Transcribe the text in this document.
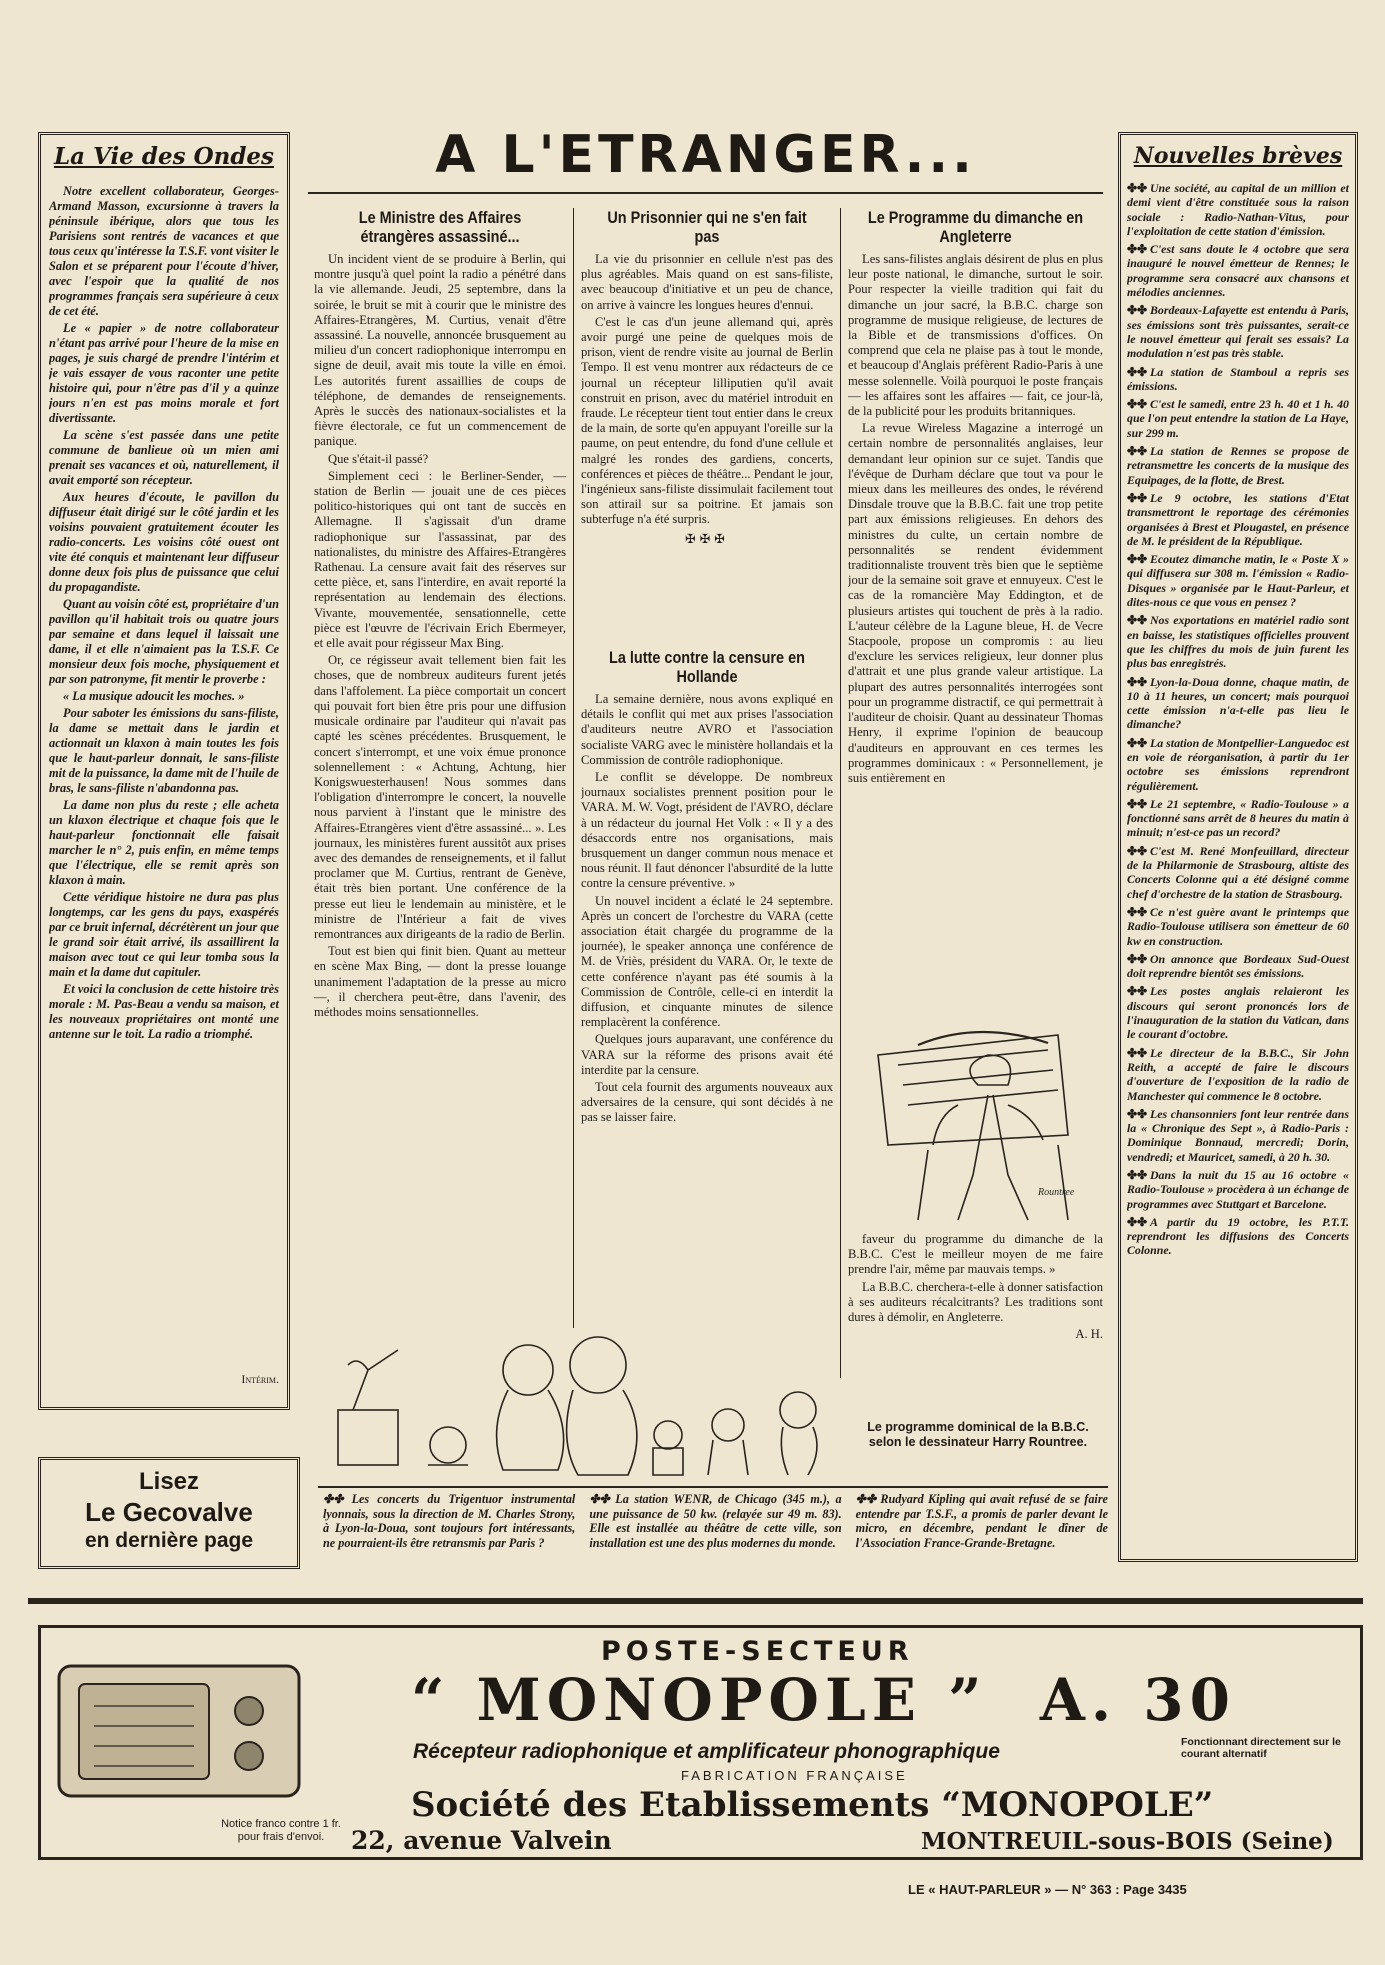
La Vie des Ondes

Notre excellent collaborateur, Georges-Armand Masson, excursionne à travers la péninsule ibérique, alors que tous les Parisiens sont rentrés de vacances et que tous ceux qu'intéresse la T.S.F. vont visiter le Salon et se préparent pour l'écoute d'hiver, avec l'espoir que la qualité de nos programmes français sera supérieure à ceux de cet été.

Le « papier » de notre collaborateur n'étant pas arrivé pour l'heure de la mise en pages, je suis chargé de prendre l'intérim et je vais essayer de vous raconter une petite histoire qui, pour n'être pas d'il y a quinze jours n'en est pas moins morale et fort divertissante.

La scène s'est passée dans une petite commune de banlieue où un mien ami prenait ses vacances et où, naturellement, il avait emporté son récepteur.

Aux heures d'écoute, le pavillon du diffuseur était dirigé sur le côté jardin et les voisins pouvaient gratuitement écouter les radio-concerts. Les voisins côté ouest ont vite été conquis et maintenant leur diffuseur donne deux fois plus de puissance que celui du propagandiste.

Quant au voisin côté est, propriétaire d'un pavillon qu'il habitait trois ou quatre jours par semaine et dans lequel il laissait une dame, il et elle n'aimaient pas la T.S.F. Ce monsieur deux fois moche, physiquement et par son patronyme, fit mentir le proverbe :

« La musique adoucit les moches. »

Pour saboter les émissions du sans-filiste, la dame se mettait dans le jardin et actionnait un klaxon à main toutes les fois que le haut-parleur donnait, le sans-filiste mit de la puissance, la dame mit de l'huile de bras, le sans-filiste n'abandonna pas.

La dame non plus du reste ; elle acheta un klaxon électrique et chaque fois que le haut-parleur fonctionnait elle faisait marcher le n° 2, puis enfin, en même temps que l'électrique, elle se remit après son klaxon à main.

Cette véridique histoire ne dura pas plus longtemps, car les gens du pays, exaspérés par ce bruit infernal, décrétèrent un jour que le grand soir était arrivé, ils assaillirent la maison avec tout ce qui leur tomba sous la main et la dame dut capituler.

Et voici la conclusion de cette histoire très morale : M. Pas-Beau a vendu sa maison, et les nouveaux propriétaires ont monté une antenne sur le toit. La radio a triomphé.

Intérim.
A L'ETRANGER...
Le Ministre des Affaires étrangères assassiné...

Un incident vient de se produire à Berlin, qui montre jusqu'à quel point la radio a pénétré dans la vie allemande. Jeudi, 25 septembre, dans la soirée, le bruit se mit à courir que le ministre des Affaires-Etrangères, M. Curtius, venait d'être assassiné. La nouvelle, annoncée brusquement au milieu d'un concert radiophonique interrompu en signe de deuil, avait mis toute la ville en émoi. Les autorités furent assaillies de coups de téléphone, de demandes de renseignements. Après le succès des nationaux-socialistes et la fièvre électorale, ce fut un commencement de panique.

Que s'était-il passé?

Simplement ceci : le Berliner-Sender, — station de Berlin — jouait une de ces pièces politico-historiques qui ont tant de succès en Allemagne. Il s'agissait d'un drame radiophonique sur l'assassinat, par des nationalistes, du ministre des Affaires-Etrangères Rathenau. La censure avait fait des réserves sur cette pièce, et, sans l'interdire, en avait reporté la représentation au lendemain des élections. Vivante, mouvementée, sensationnelle, cette pièce est l'œuvre de l'écrivain Erich Ebermeyer, et elle avait pour régisseur Max Bing.

Or, ce régisseur avait tellement bien fait les choses, que de nombreux auditeurs furent jetés dans l'affolement. La pièce comportait un concert qui pouvait fort bien être pris pour une diffusion musicale ordinaire par l'auditeur qui n'avait pas capté les scènes précédentes. Brusquement, le concert s'interrompt, et une voix émue prononce solennellement : « Achtung, Achtung, hier Konigswuesterhausen! Nous sommes dans l'obligation d'interrompre le concert, la nouvelle nous parvient à l'instant que le ministre des Affaires-Etrangères vient d'être assassiné... ». Les journaux, les ministères furent aussitôt aux prises avec des demandes de renseignements, et il fallut proclamer que M. Curtius, rentrant de Genève, était très bien portant. Une conférence de la presse eut lieu le lendemain au ministère, et le ministre de l'Intérieur a fait de vives remontrances aux dirigeants de la radio de Berlin.

Tout est bien qui finit bien. Quant au metteur en scène Max Bing, — dont la presse louange unanimement l'adaptation de la presse au micro —, il cherchera peut-être, dans l'avenir, des méthodes moins sensationnelles.

Un Prisonnier qui ne s'en fait pas

La vie du prisonnier en cellule n'est pas des plus agréables. Mais quand on est sans-filiste, avec beaucoup d'initiative et un peu de chance, on arrive à vaincre les longues heures d'ennui.

C'est le cas d'un jeune allemand qui, après avoir purgé une peine de quelques mois de prison, vient de rendre visite au journal de Berlin Tempo. Il est venu montrer aux rédacteurs de ce journal un récepteur lilliputien qu'il avait construit en prison, avec du matériel introduit en fraude. Le récepteur tient tout entier dans le creux de la main, de sorte qu'en appuyant l'oreille sur la paume, on peut entendre, du fond d'une cellule et malgré les rondes des gardiens, concerts, conférences et pièces de théâtre... Pendant le jour, l'ingénieux sans-filiste dissimulait facilement tout son attirail sur sa poitrine. Et jamais son subterfuge n'a été surpris.

✠✠✠
La lutte contre la censure en Hollande

La semaine dernière, nous avons expliqué en détails le conflit qui met aux prises l'association d'auditeurs neutre AVRO et l'association socialiste VARG avec le ministère hollandais et la Commission de contrôle radiophonique.

Le conflit se développe. De nombreux journaux socialistes prennent position pour le VARA. M. W. Vogt, président de l'AVRO, déclare à un rédacteur du journal Het Volk : « Il y a des désaccords entre nos organisations, mais brusquement un danger commun nous menace et nous réunit. Il faut dénoncer l'absurdité de la lutte contre la censure préventive. »

Un nouvel incident a éclaté le 24 septembre. Après un concert de l'orchestre du VARA (cette association était chargée du programme de la journée), le speaker annonça une conférence de M. de Vriès, président du VARA. Or, le texte de cette conférence n'ayant pas été soumis à la Commission de Contrôle, celle-ci en interdit la diffusion, et cinquante minutes de silence remplacèrent la conférence.

Quelques jours auparavant, une conférence du VARA sur la réforme des prisons avait été interdite par la censure.

Tout cela fournit des arguments nouveaux aux adversaires de la censure, qui sont décidés à ne pas se laisser faire.

Le Programme du dimanche en Angleterre

Les sans-filistes anglais désirent de plus en plus leur poste national, le dimanche, surtout le soir. Pour respecter la vieille tradition qui fait du dimanche un jour sacré, la B.B.C. charge son programme de musique religieuse, de lectures de la Bible et de transmissions d'offices. On comprend que cela ne plaise pas à tout le monde, et beaucoup d'Anglais préfèrent Radio-Paris à une messe solennelle. Voilà pourquoi le poste français — les affaires sont les affaires — fait, ce jour-là, de la publicité pour les produits britanniques.

La revue Wireless Magazine a interrogé un certain nombre de personnalités anglaises, leur demandant leur opinion sur ce sujet. Tandis que l'évêque de Durham déclare que tout va pour le mieux dans les meilleures des ondes, le révérend Dinsdale trouve que la B.B.C. fait une trop petite part aux émissions religieuses. En dehors des ministres du culte, un certain nombre de personnalités se rendent évidemment traditionnaliste trouvent très bien que le septième jour de la semaine soit grave et ennuyeux. C'est le cas de la romancière May Eddington, et de plusieurs artistes qui touchent de près à la radio. L'auteur célèbre de la Lagune bleue, H. de Vecre Stacpoole, propose un compromis : au lieu d'exclure les services religieux, leur donner plus d'attrait et une plus grande valeur artistique. La plupart des autres personnalités interrogées sont pour un programme distractif, ce qui permettrait à l'auditeur de choisir. Quant au dessinateur Thomas Henry, il exprime l'opinion de beaucoup d'auditeurs en approuvant en ces termes les programmes dominicaux : « Personnellement, je suis entièrement en

Rountree

faveur du programme du dimanche de la B.B.C. C'est le meilleur moyen de me faire prendre l'air, même par mauvais temps. »

La B.B.C. cherchera-t-elle à donner satisfaction à ses auditeurs récalcitrants? Les traditions sont dures à démolir, en Angleterre.

A. H.
Le programme dominical de la B.B.C. selon le dessinateur Harry Rountree.
Nouvelles brèves
✤✤ Une société, au capital de un million et demi vient d'être constituée sous la raison sociale : Radio-Nathan-Vitus, pour l'exploitation de cette station d'émission.
✤✤ C'est sans doute le 4 octobre que sera inauguré le nouvel émetteur de Rennes; le programme sera consacré aux chansons et mélodies anciennes.
✤✤ Bordeaux-Lafayette est entendu à Paris, ses émissions sont très puissantes, serait-ce le nouvel émetteur qui ferait ses essais? La modulation n'est pas très stable.
✤✤ La station de Stamboul a repris ses émissions.
✤✤ C'est le samedi, entre 23 h. 40 et 1 h. 40 que l'on peut entendre la station de La Haye, sur 299 m.
✤✤ La station de Rennes se propose de retransmettre les concerts de la musique des Equipages, de la flotte, de Brest.
✤✤ Le 9 octobre, les stations d'Etat transmettront le reportage des cérémonies organisées à Brest et Plougastel, en présence de M. le président de la République.
✤✤ Ecoutez dimanche matin, le « Poste X » qui diffusera sur 308 m. l'émission « Radio-Disques » organisée par le Haut-Parleur, et dites-nous ce que vous en pensez ?
✤✤ Nos exportations en matériel radio sont en baisse, les statistiques officielles prouvent que les chiffres du mois de juin furent les plus bas enregistrés.
✤✤ Lyon-la-Doua donne, chaque matin, de 10 à 11 heures, un concert; mais pourquoi cette émission n'a-t-elle pas lieu le dimanche?
✤✤ La station de Montpellier-Languedoc est en voie de réorganisation, à partir du 1er octobre ses émissions reprendront régulièrement.
✤✤ Le 21 septembre, « Radio-Toulouse » a fonctionné sans arrêt de 8 heures du matin à minuit; n'est-ce pas un record?
✤✤ C'est M. René Monfeuillard, directeur de la Philarmonie de Strasbourg, altiste des Concerts Colonne qui a été désigné comme chef d'orchestre de la station de Strasbourg.
✤✤ Ce n'est guère avant le printemps que Radio-Toulouse utilisera son émetteur de 60 kw en construction.
✤✤ On annonce que Bordeaux Sud-Ouest doit reprendre bientôt ses émissions.
✤✤ Les postes anglais relaieront les discours qui seront prononcés lors de l'inauguration de la station du Vatican, dans le courant d'octobre.
✤✤ Le directeur de la B.B.C., Sir John Reith, a accepté de faire le discours d'ouverture de l'exposition de la radio de Manchester qui commence le 8 octobre.
✤✤ Les chansonniers font leur rentrée dans la « Chronique des Sept », à Radio-Paris : Dominique Bonnaud, mercredi; Dorin, vendredi; et Mauricet, samedi, à 20 h. 30.
✤✤ Dans la nuit du 15 au 16 octobre « Radio-Toulouse » procèdera à un échange de programmes avec Stuttgart et Barcelone.
✤✤ A partir du 19 octobre, les P.T.T. reprendront les diffusions des Concerts Colonne.
Lisez
Le Gecovalve
en dernière page
✤✤ Les concerts du Trigentuor instrumental lyonnais, sous la direction de M. Charles Strony, à Lyon-la-Doua, sont toujours fort intéressants, ne pourraient-ils être retransmis par Paris ?
✤✤ La station WENR, de Chicago (345 m.), a une puissance de 50 kw. (relayée sur 49 m. 83). Elle est installée au théâtre de cette ville, son installation est une des plus modernes du monde.
✤✤ Rudyard Kipling qui avait refusé de se faire entendre par T.S.F., a promis de parler devant le micro, en décembre, pendant le dîner de l'Association France-Grande-Bretagne.
Notice franco contre 1 fr. pour frais d'envoi.
POSTE-SECTEUR
“ MONOPOLE ”  A. 30
Récepteur radiophonique et amplificateur phonographique	Fonctionnant directement sur le courant alternatif
FABRICATION FRANÇAISE
Société des Etablissements “MONOPOLE”
22, avenue Valvein	MONTREUIL-sous-BOIS (Seine)
LE « HAUT-PARLEUR » — N° 363 : Page 3435
